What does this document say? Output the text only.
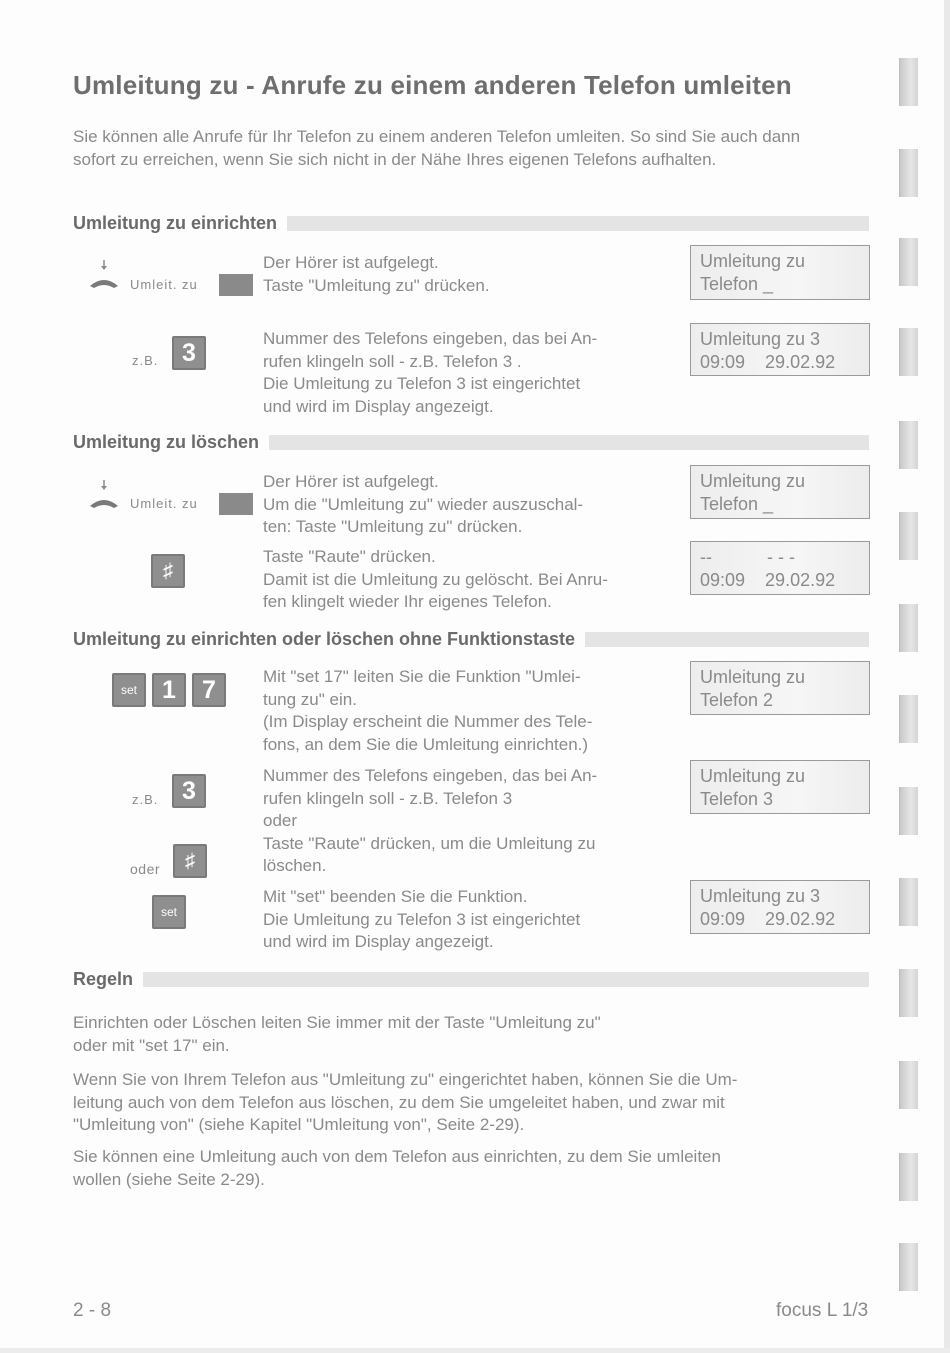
Umleitung zu - Anrufe zu einem anderen Telefon umleiten

Sie können alle Anrufe für Ihr Telefon zu einem anderen Telefon umleiten. So sind Sie auch dann sofort zu erreichen, wenn Sie sich nicht in der Nähe Ihres eigenen Telefons aufhalten.

Umleitung zu einrichten
Umleit. zu
Der Hörer ist aufgelegt.
Taste "Umleitung zu" drücken.
Umleitung zu
Telefon _
z.B. 3
Nummer des Telefons eingeben, das bei An-
rufen klingeln soll - z.B. Telefon 3 .
Die Umleitung zu Telefon 3 ist eingerichtet
und wird im Display angezeigt.
Umleitung zu 3
09:09    29.02.92
Umleitung zu löschen
Umleit. zu
Der Hörer ist aufgelegt.
Um die "Umleitung zu" wieder auszuschal-
ten: Taste "Umleitung zu" drücken.
Umleitung zu
Telefon _
♯
Taste "Raute" drücken.
Damit ist die Umleitung zu gelöscht. Bei Anru-
fen klingelt wieder Ihr eigenes Telefon.
--           - - -
09:09    29.02.92
Umleitung zu einrichten oder löschen ohne Funktionstaste
set	1	7	Mit "set 17" leiten Sie die Funktion "Umlei-
tung zu" ein.
(Im Display erscheint die Nummer des Tele-
fons, an dem Sie die Umleitung einrichten.)
Umleitung zu
Telefon 2
z.B. 3
oder	♯
Nummer des Telefons eingeben, das bei An-
rufen klingeln soll - z.B. Telefon 3
oder
Taste "Raute" drücken, um die Umleitung zu
löschen.
Umleitung zu
Telefon 3
set
Mit "set" beenden Sie die Funktion.
Die Umleitung zu Telefon 3 ist eingerichtet
und wird im Display angezeigt.
Umleitung zu 3
09:09    29.02.92
Regeln

Einrichten oder Löschen leiten Sie immer mit der Taste "Umleitung zu"
oder mit "set 17" ein.

Wenn Sie von Ihrem Telefon aus "Umleitung zu" eingerichtet haben, können Sie die Um-
leitung auch von dem Telefon aus löschen, zu dem Sie umgeleitet haben, und zwar mit
"Umleitung von" (siehe Kapitel "Umleitung von", Seite 2-29).

Sie können eine Umleitung auch von dem Telefon aus einrichten, zu dem Sie umleiten
wollen (siehe Seite 2-29).

2 - 8	focus L 1/3
